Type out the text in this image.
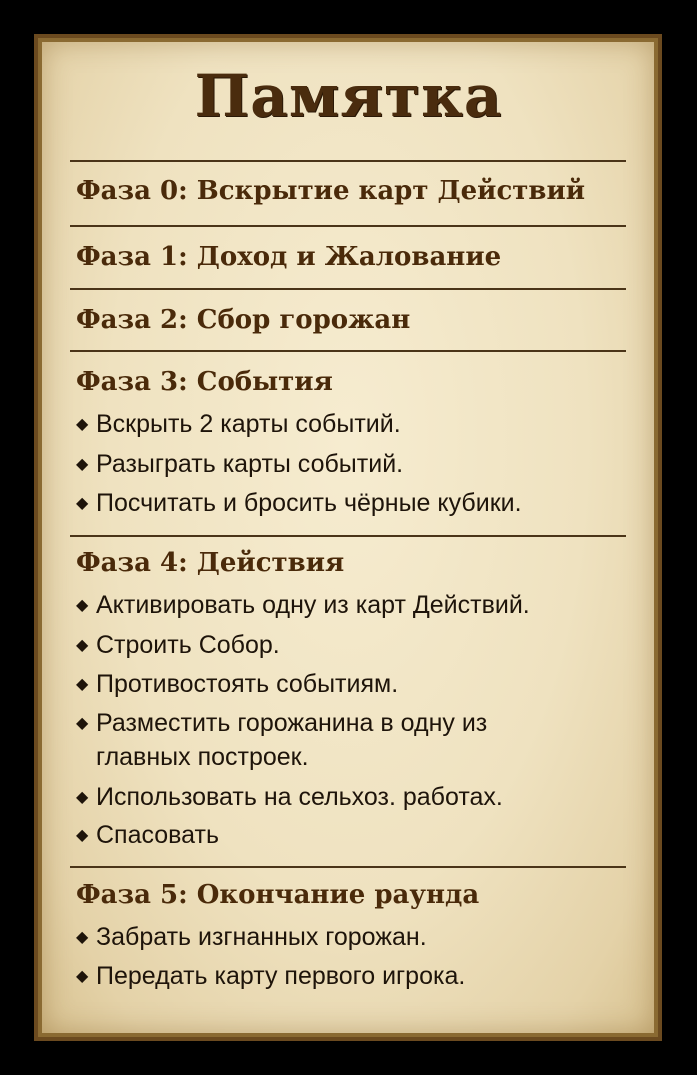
Памятка
Фаза 0: Вскрытие карт Действий
Фаза 1: Доход и Жалование
Фаза 2: Сбор горожан
Фаза 3: События
◆ Вскрыть 2 карты событий.
◆ Разыграть карты событий.
◆ Посчитать и бросить чёрные кубики.
Фаза 4: Действия
◆ Активировать одну из карт Действий.
◆ Строить Собор.
◆ Противостоять событиям.
◆ Разместить горожанина в одну из
главных построек.
◆ Использовать на сельхоз. работах.
◆ Спасовать
Фаза 5: Окончание раунда
◆ Забрать изгнанных горожан.
◆ Передать карту первого игрока.
